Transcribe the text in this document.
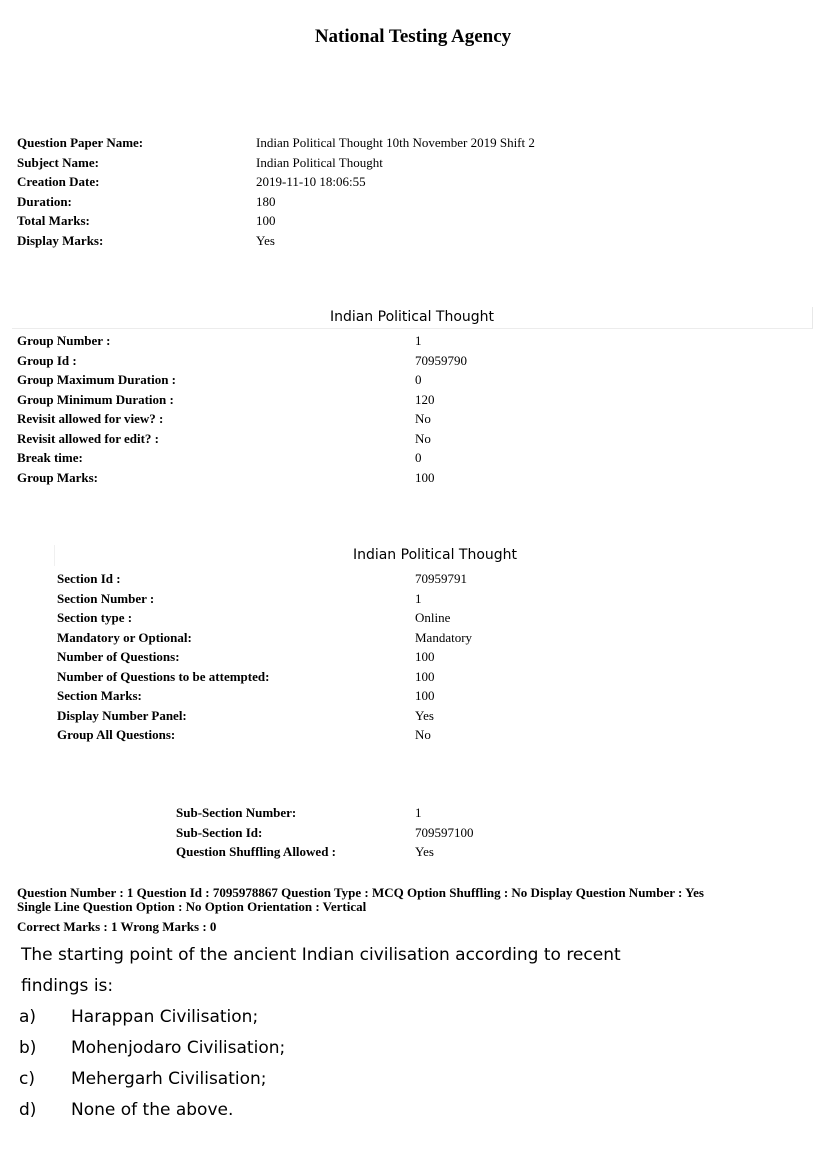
National Testing Agency
Question Paper Name:	Indian Political Thought 10th November 2019 Shift 2
Subject Name:	Indian Political Thought
Creation Date:	2019-11-10 18:06:55
Duration:	180
Total Marks:	100
Display Marks:	Yes
Indian Political Thought
Group Number :	1
Group Id :	70959790
Group Maximum Duration :	0
Group Minimum Duration :	120
Revisit allowed for view? :	No
Revisit allowed for edit? :	No
Break time:	0
Group Marks:	100
Indian Political Thought
Section Id :	70959791
Section Number :	1
Section type :	Online
Mandatory or Optional:	Mandatory
Number of Questions:	100
Number of Questions to be attempted:	100
Section Marks:	100
Display Number Panel:	Yes
Group All Questions:	No
Sub-Section Number:	1
Sub-Section Id:	709597100
Question Shuffling Allowed :	Yes
Question Number : 1 Question Id : 7095978867 Question Type : MCQ Option Shuffling : No Display Question Number : Yes
Single Line Question Option : No Option Orientation : Vertical
Correct Marks : 1 Wrong Marks : 0
The starting point of the ancient Indian civilisation according to recent
findings is:
a) Harappan Civilisation;
b) Mohenjodaro Civilisation;
c) Mehergarh Civilisation;
d) None of the above.
